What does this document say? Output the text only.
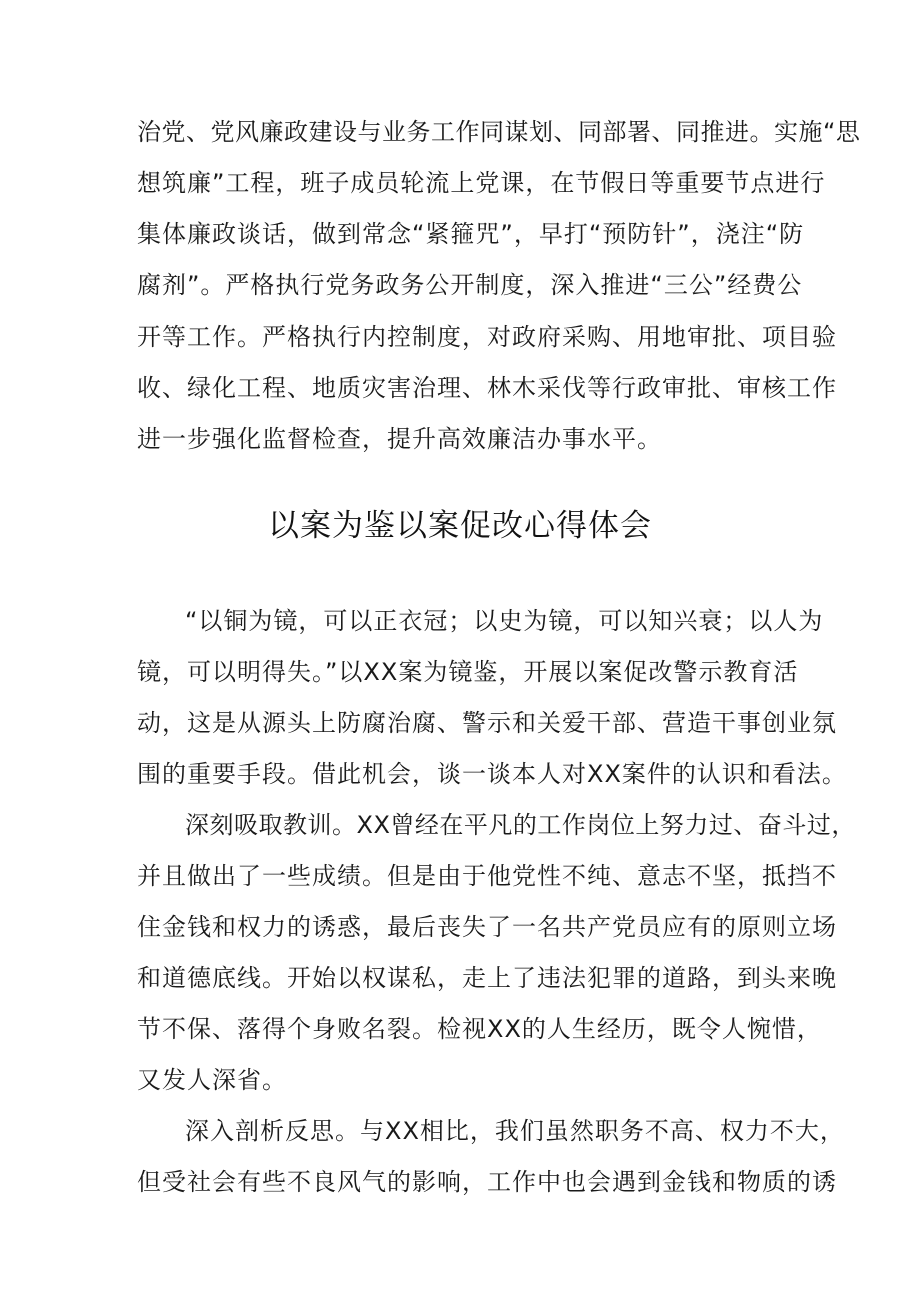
治党、党风廉政建设与业务工作同谋划、同部署、同推进。实施“思
想筑廉”工程，班子成员轮流上党课，在节假日等重要节点进行
集体廉政谈话，做到常念“紧箍咒”，早打“预防针”，浇注“防
腐剂”。严格执行党务政务公开制度，深入推进“三公”经费公
开等工作。严格执行内控制度，对政府采购、用地审批、项目验
收、绿化工程、地质灾害治理、林木采伐等行政审批、审核工作
进一步强化监督检查，提升高效廉洁办事水平。
以案为鉴以案促改心得体会
“以铜为镜，可以正衣冠；以史为镜，可以知兴衰；以人为
镜，可以明得失。”以XX案为镜鉴，开展以案促改警示教育活
动，这是从源头上防腐治腐、警示和关爱干部、营造干事创业氛
围的重要手段。借此机会，谈一谈本人对XX案件的认识和看法。
深刻吸取教训。XX曾经在平凡的工作岗位上努力过、奋斗过，
并且做出了一些成绩。但是由于他党性不纯、意志不坚，抵挡不
住金钱和权力的诱惑，最后丧失了一名共产党员应有的原则立场
和道德底线。开始以权谋私，走上了违法犯罪的道路，到头来晚
节不保、落得个身败名裂。检视XX的人生经历，既令人惋惜，
又发人深省。
深入剖析反思。与XX相比，我们虽然职务不高、权力不大，
但受社会有些不良风气的影响，工作中也会遇到金钱和物质的诱
